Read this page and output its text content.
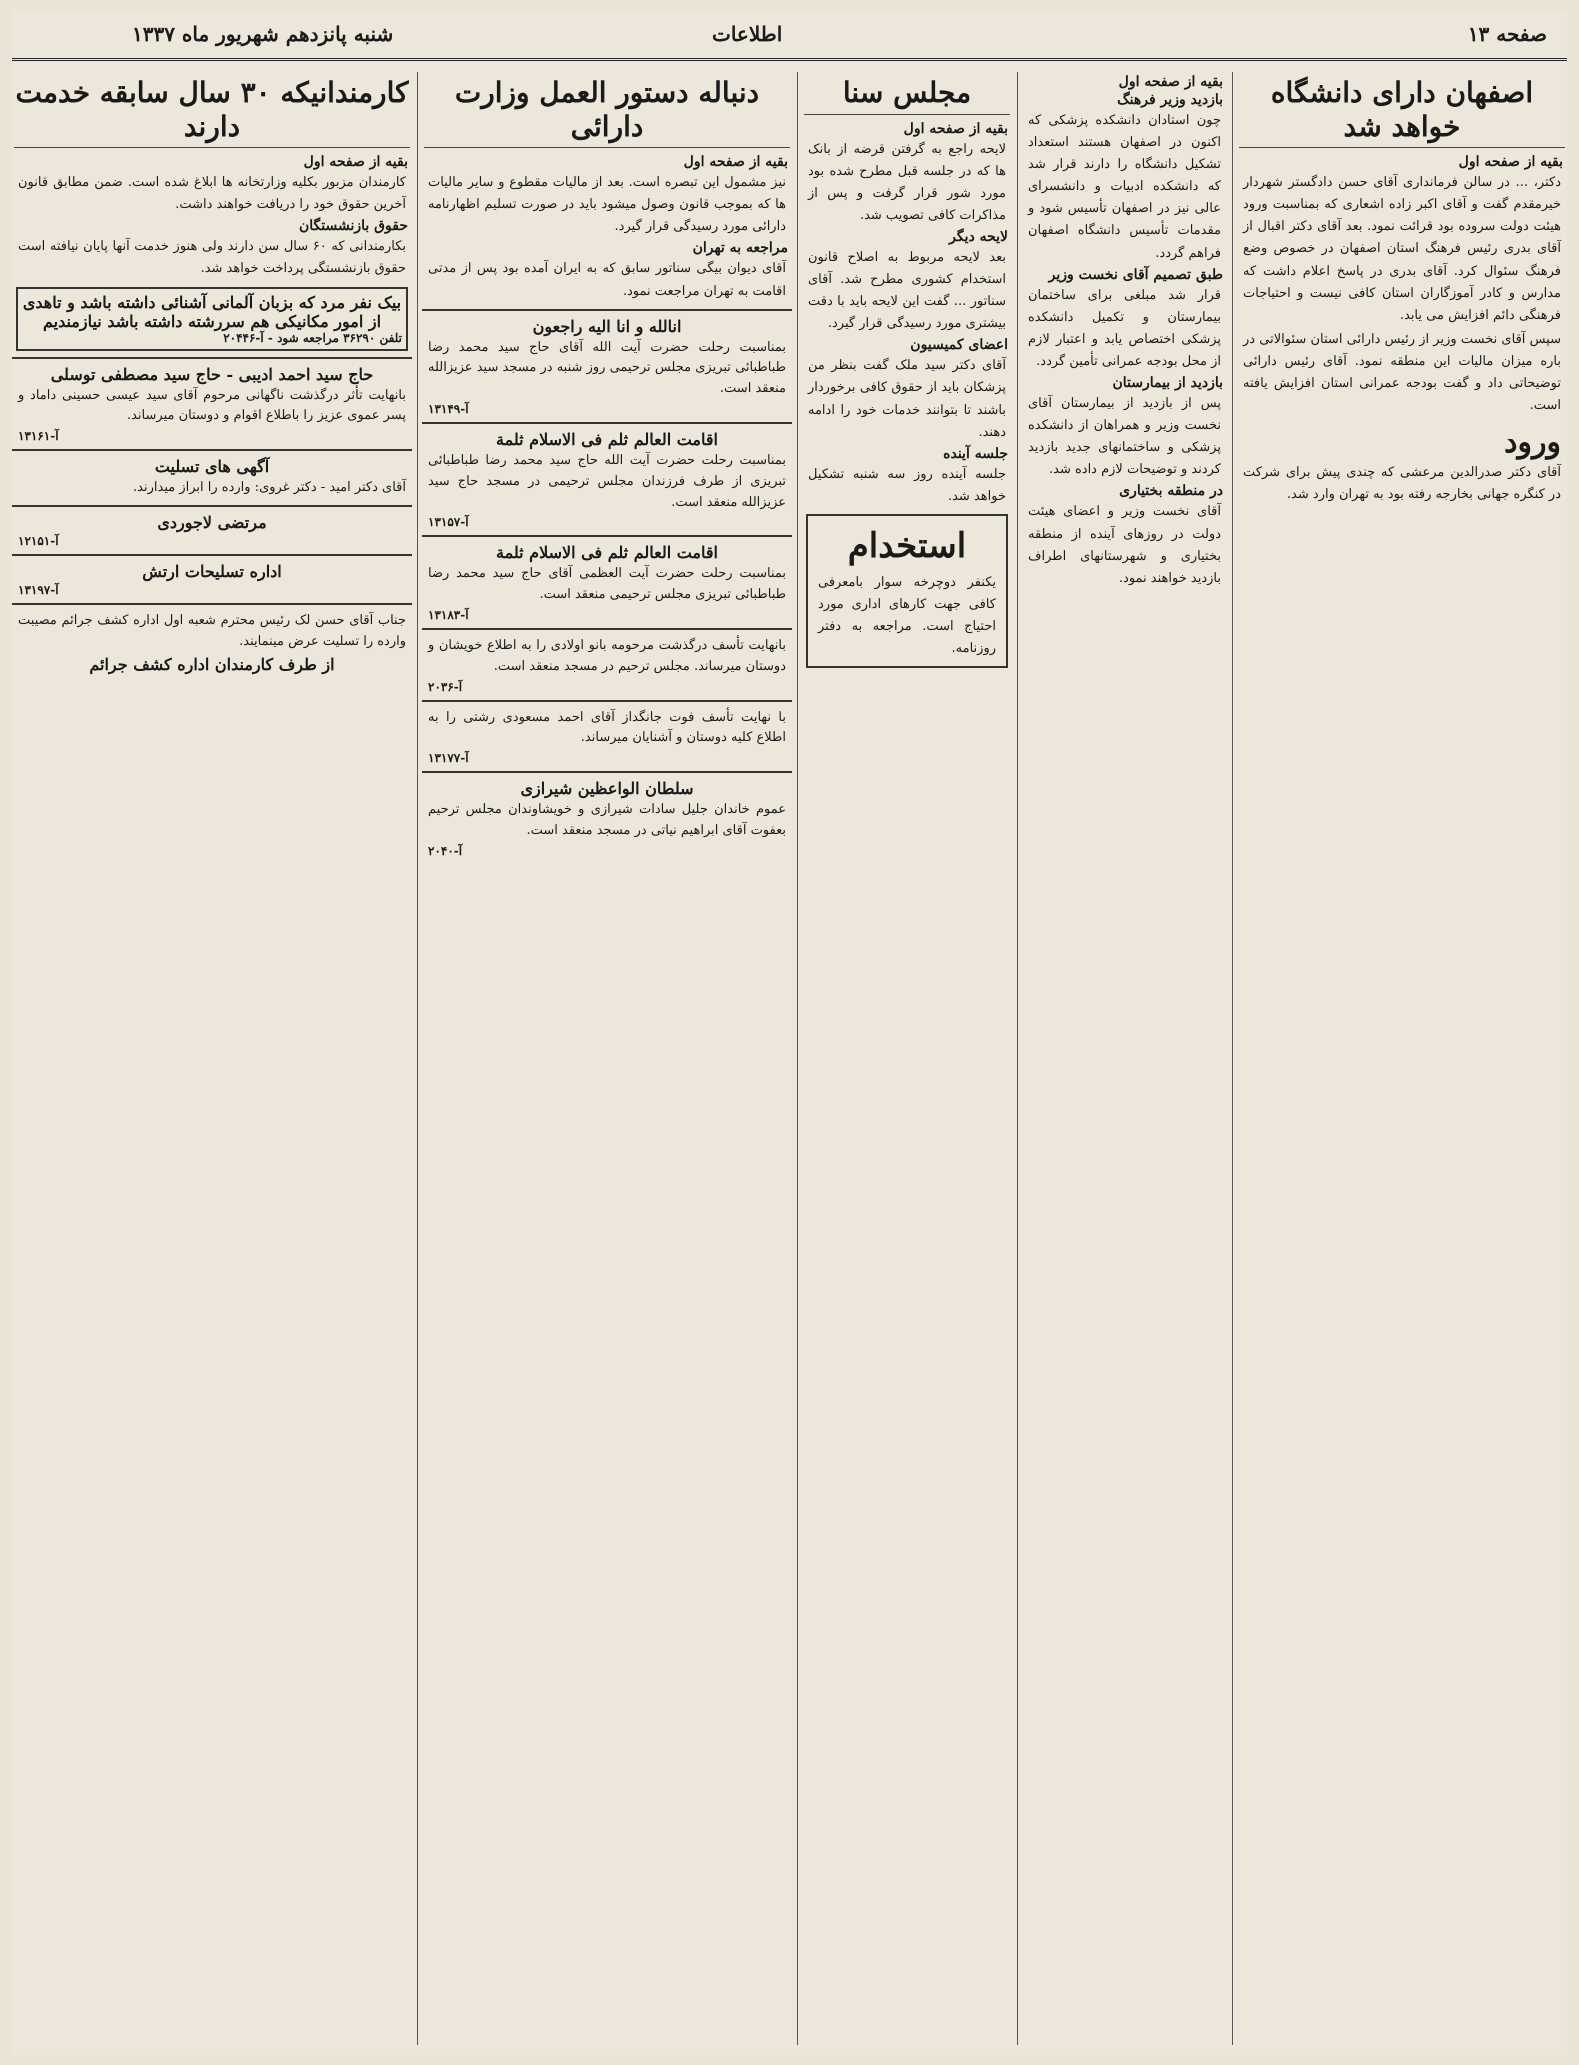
شنبه پانزدهم شهریور ماه ۱۳۳۷	اطلاعات	صفحه ۱۳
اصفهان دارای دانشگاه خواهد شد
بقیه از صفحه اول
دکتر، ... در سالن فرمانداری آقای حسن دادگستر شهردار خیرمقدم گفت و آقای اکبر زاده اشعاری که بمناسبت ورود هیئت دولت سروده بود قرائت نمود. بعد آقای دکتر اقبال از آقای بدری رئیس فرهنگ استان اصفهان در خصوص وضع فرهنگ سئوال کرد. آقای بدری در پاسخ اعلام داشت که مدارس و کادر آموزگاران استان کافی نیست و احتیاجات فرهنگی دائم افزایش می یابد.
سپس آقای نخست وزیر از رئیس دارائی استان سئوالاتی در باره میزان مالیات این منطقه نمود. آقای رئیس دارائی توضیحاتی داد و گفت بودجه عمرانی استان افزایش یافته است.
ورود
آقای دکتر صدرالدین مرعشی که چندی پیش برای شرکت در کنگره جهانی بخارجه رفته بود به تهران وارد شد.
بقیه از صفحه اول
بازدید وزیر فرهنگ
چون استادان دانشکده پزشکی که اکنون در اصفهان هستند استعداد تشکیل دانشگاه را دارند قرار شد که دانشکده ادبیات و دانشسرای عالی نیز در اصفهان تأسیس شود و مقدمات تأسیس دانشگاه اصفهان فراهم گردد.
طبق تصمیم آقای نخست وزیر
قرار شد مبلغی برای ساختمان بیمارستان و تکمیل دانشکده پزشکی اختصاص یابد و اعتبار لازم از محل بودجه عمرانی تأمین گردد.
بازدید از بیمارستان
پس از بازدید از بیمارستان آقای نخست وزیر و همراهان از دانشکده پزشکی و ساختمانهای جدید بازدید کردند و توضیحات لازم داده شد.
در منطقه بختیاری
آقای نخست وزیر و اعضای هیئت دولت در روزهای آینده از منطقه بختیاری و شهرستانهای اطراف بازدید خواهند نمود.
مجلس سنا
بقیه از صفحه اول
لایحه راجع به گرفتن قرضه از بانک ها که در جلسه قبل مطرح شده بود مورد شور قرار گرفت و پس از مذاکرات کافی تصویب شد.
لایحه دیگر
بعد لایحه مربوط به اصلاح قانون استخدام کشوری مطرح شد. آقای سناتور ... گفت این لایحه باید با دقت بیشتری مورد رسیدگی قرار گیرد.
اعضای کمیسیون
آقای دکتر سید ملک گفت بنظر من پزشکان باید از حقوق کافی برخوردار باشند تا بتوانند خدمات خود را ادامه دهند.
جلسه آینده
جلسه آینده روز سه شنبه تشکیل خواهد شد.
استخدام
یکنفر دوچرخه سوار بامعرفی کافی جهت کارهای اداری مورد احتیاج است. مراجعه به دفتر روزنامه.
دنباله دستور العمل وزارت دارائی
بقیه از صفحه اول
نیز مشمول این تبصره است. بعد از مالیات مقطوع و سایر مالیات ها که بموجب قانون وصول میشود باید در صورت تسلیم اظهارنامه دارائی مورد رسیدگی قرار گیرد.
مراجعه به تهران
آقای دیوان بیگی سناتور سابق که به ایران آمده بود پس از مدتی اقامت به تهران مراجعت نمود.
انالله و انا الیه راجعون
بمناسبت رحلت حضرت آیت الله آقای حاج سید محمد رضا طباطبائی تبریزی مجلس ترحیمی روز شنبه در مسجد سید عزیزالله منعقد است.
آ-۱۳۱۴۹
اقامت العالم ثلم فی الاسلام ثلمة
بمناسبت رحلت حضرت آیت الله حاج سید محمد رضا طباطبائی تبریزی از طرف فرزندان مجلس ترحیمی در مسجد حاج سید عزیزالله منعقد است.
آ-۱۳۱۵۷
اقامت العالم ثلم فی الاسلام ثلمة
بمناسبت رحلت حضرت آیت العظمی آقای حاج سید محمد رضا طباطبائی تبریزی مجلس ترحیمی منعقد است.
آ-۱۳۱۸۳
بانهایت تأسف درگذشت مرحومه بانو اولادی را به اطلاع خویشان و دوستان میرساند. مجلس ترحیم در مسجد منعقد است.
آ-۲۰۳۶
با نهایت تأسف فوت جانگداز آقای احمد مسعودی رشتی را به اطلاع کلیه دوستان و آشنایان میرساند.
آ-۱۳۱۷۷
سلطان الواعظین شیرازی
عموم خاندان جلیل سادات شیرازی و خویشاوندان مجلس ترحیم بعفوت آقای ابراهیم نیاتی در مسجد منعقد است.
آ-۲۰۴۰
کارمندانیکه ۳۰ سال سابقه خدمت دارند
بقیه از صفحه اول
کارمندان مزبور بکلیه وزارتخانه ها ابلاغ شده است. ضمن مطابق قانون آخرین حقوق خود را دریافت خواهند داشت.
حقوق بازنشستگان
بکارمندانی که ۶۰ سال سن دارند ولی هنوز خدمت آنها پایان نیافته است حقوق بازنشستگی پرداخت خواهد شد.
بیک نفر مرد که بزبان آلمانی آشنائی داشته باشد و تاهدی از امور مکانیکی هم سررشته داشته باشد نیازمندیم
تلفن ۳۶۲۹۰ مراجعه شود - آ-۲۰۴۴۶
حاج سید احمد ادیبی - حاج سید مصطفی توسلی
بانهایت تأثر درگذشت ناگهانی مرحوم آقای سید عیسی حسینی داماد و پسر عموی عزیز را باطلاع اقوام و دوستان میرساند.
آ-۱۳۱۶۱
آگهی های تسلیت
آقای دکتر امید - دکتر غروی: وارده را ابراز میدارند.
مرتضی لاجوردی
آ-۱۲۱۵۱
اداره تسلیحات ارتش
آ-۱۳۱۹۷
جناب آقای حسن لک رئیس محترم شعبه اول اداره کشف جرائم مصیبت وارده را تسلیت عرض مینمایند.
از طرف کارمندان اداره کشف جرائم
